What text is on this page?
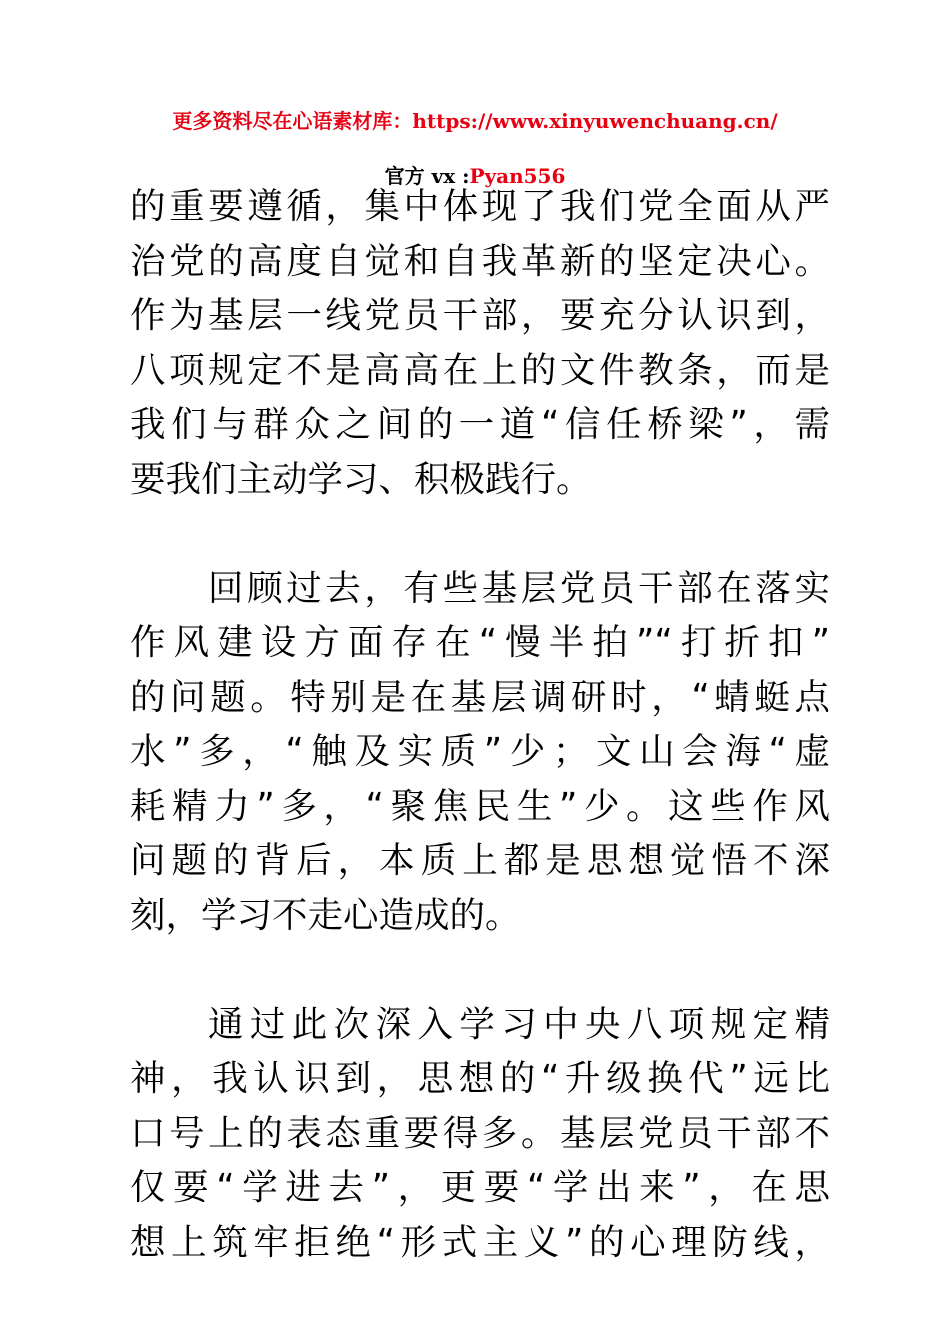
更多资料尽在心语素材库：https://www.xinyuwenchuang.cn/
官方 vx :Pyan556
的重要遵循，集中体现了我们党全面从严
治党的高度自觉和自我革新的坚定决心。
作为基层一线党员干部，要充分认识到，
八项规定不是高高在上的文件教条，而是
我们与群众之间的一道“信任桥梁”，需
要我们主动学习、积极践行。
回顾过去，有些基层党员干部在落实
作风建设方面存在“慢半拍”“打折扣”
的问题。特别是在基层调研时，“蜻蜓点
水”多，“触及实质”少；文山会海“虚
耗精力”多，“聚焦民生”少。这些作风
问题的背后，本质上都是思想觉悟不深
刻，学习不走心造成的。
通过此次深入学习中央八项规定精
神，我认识到，思想的“升级换代”远比
口号上的表态重要得多。基层党员干部不
仅要“学进去”，更要“学出来”，在思
想上筑牢拒绝“形式主义”的心理防线，
